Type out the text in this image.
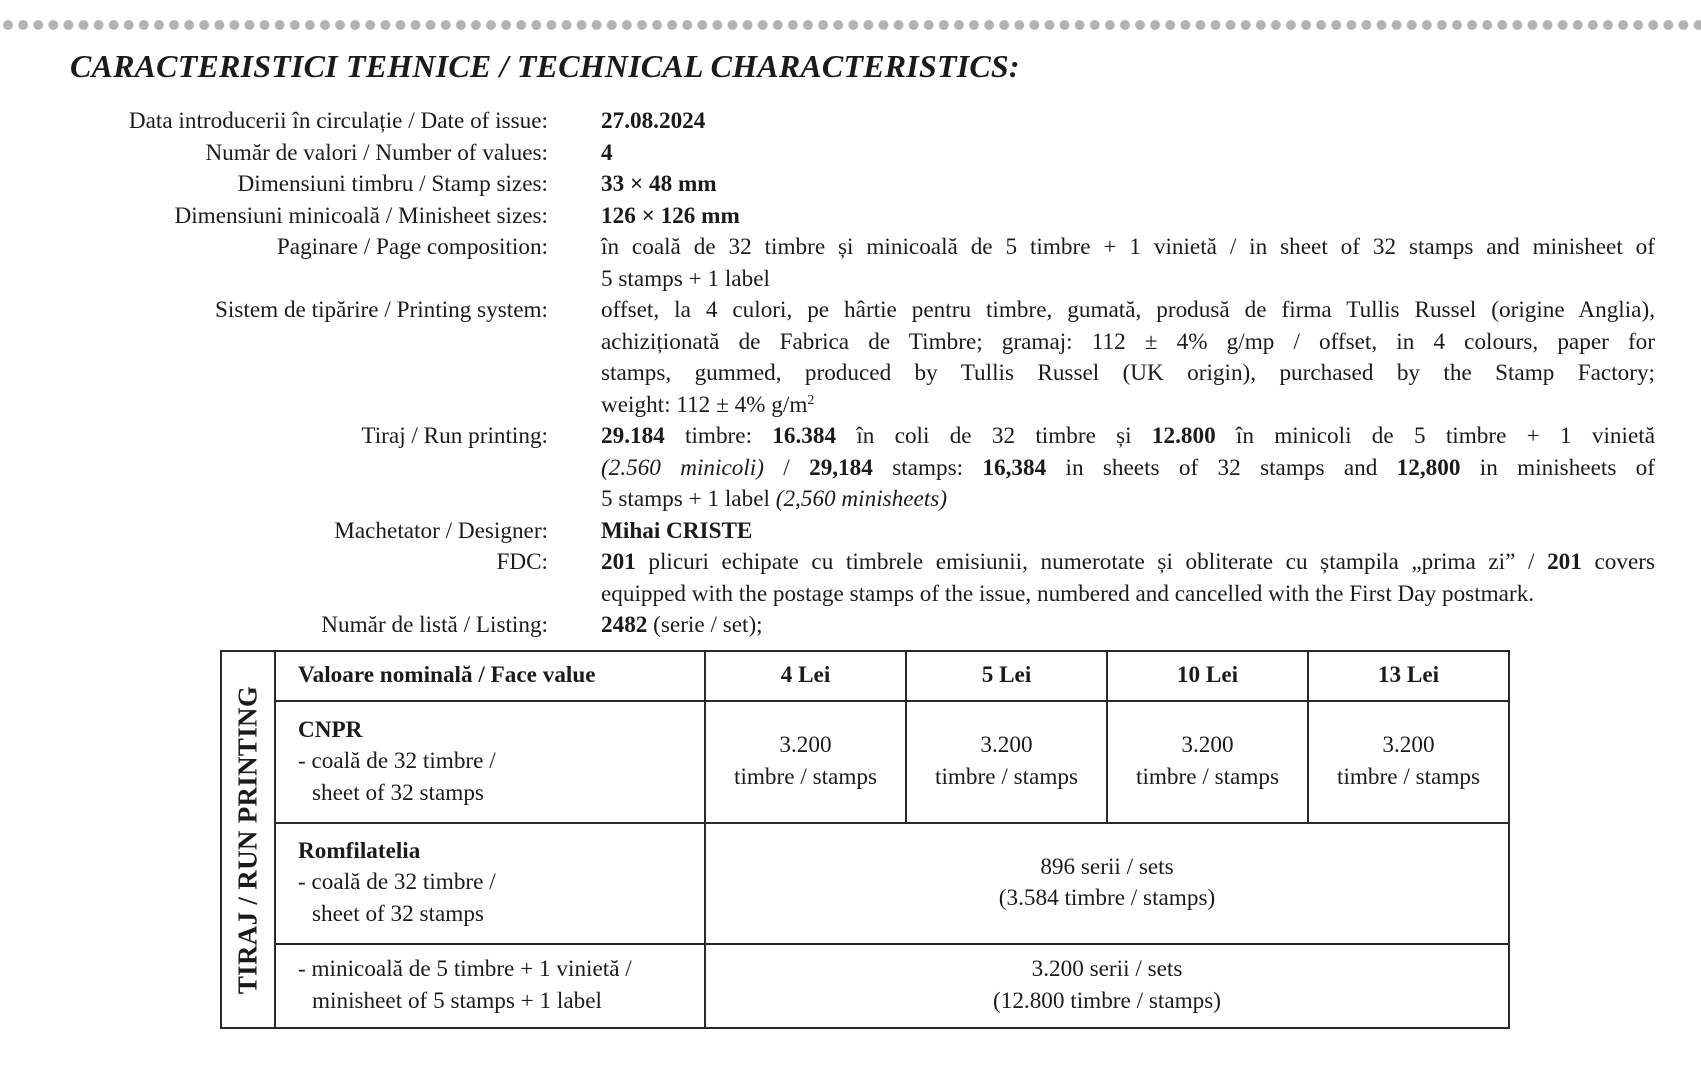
CARACTERISTICI TEHNICE / TECHNICAL CHARACTERISTICS:
Data introducerii în circulație / Date of issue: 27.08.2024
Număr de valori / Number of values: 4
Dimensiuni timbru / Stamp sizes: 33 × 48 mm
Dimensiuni minicoală / Minisheet sizes: 126 × 126 mm
Paginare / Page composition: în coală de 32 timbre și minicoală de 5 timbre + 1 vinietă / in sheet of 32 stamps and minisheet of
5 stamps + 1 label
Sistem de tipărire / Printing system: offset, la 4 culori, pe hârtie pentru timbre, gumată, produsă de firma Tullis Russel (origine Anglia),
achiziționată de Fabrica de Timbre; gramaj: 112 ± 4% g/mp / offset, in 4 colours, paper for
stamps, gummed, produced by Tullis Russel (UK origin), purchased by the Stamp Factory;
weight: 112 ± 4% $g/m^2$
Tiraj / Run printing: 29.184 timbre: 16.384 în coli de 32 timbre și 12.800 în minicoli de 5 timbre + 1 vinietă
(2.560 minicoli) / 29,184 stamps: 16,384 in sheets of 32 stamps and 12,800 in minisheets of
5 stamps + 1 label (2,560 minisheets)
Machetator / Designer: Mihai CRISTE
FDC: 201 plicuri echipate cu timbrele emisiunii, numerotate și obliterate cu ștampila „prima zi” / 201 covers
equipped with the postage stamps of the issue, numbered and cancelled with the First Day postmark.
Număr de listă / Listing: 2482 (serie / set);
TIRAJ / RUN PRINTING	Valoare nominală / Face value	4 Lei	5 Lei	10 Lei	13 Lei
	CNPR
- coală de 32 timbre /
sheet of 32 stamps	3.200
timbre / stamps	3.200
timbre / stamps	3.200
timbre / stamps	3.200
timbre / stamps
	Romfilatelia
- coală de 32 timbre /
sheet of 32 stamps	896 serii / sets
(3.584 timbre / stamps)			
	- minicoală de 5 timbre + 1 vinietă /
minisheet of 5 stamps + 1 label	3.200 serii / sets
(12.800 timbre / stamps)			
